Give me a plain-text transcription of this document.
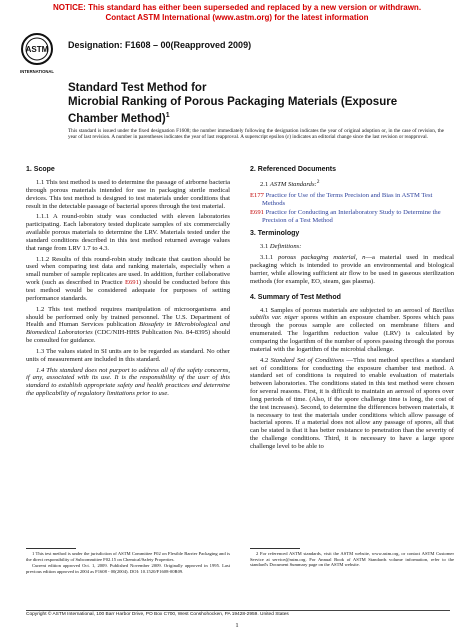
NOTICE: This standard has either been superseded and replaced by a new version or withdrawn.
Contact ASTM International (www.astm.org) for the latest information
ASTM
INTERNATIONAL
Designation: F1608 – 00(Reapproved 2009)
Standard Test Method for
Microbial Ranking of Porous Packaging Materials (Exposure
Chamber Method)$^1$
This standard is issued under the fixed designation F1608; the number immediately following the designation indicates the year of original adoption or, in the case of revision, the year of last revision. A number in parentheses indicates the year of last reapproval. A superscript epsilon (ε) indicates an editorial change since the last revision or reapproval.
1. Scope

1.1 This test method is used to determine the passage of airborne bacteria through porous materials intended for use in packaging sterile medical devices. This test method is designed to test materials under conditions that result in the detectable passage of bacterial spores through the test material.

1.1.1 A round-robin study was conducted with eleven laboratories participating. Each laboratory tested duplicate samples of six commercially available porous materials to determine the LRV. Materials tested under the standard conditions described in this test method returned average values that range from LRV 1.7 to 4.3.

1.1.2 Results of this round-robin study indicate that caution should be used when comparing test data and ranking materials, especially when a small number of sample replicates are used. In addition, further collaborative work (such as described in Practice E691) should be conducted before this test method would be considered adequate for purposes of setting performance standards.

1.2 This test method requires manipulation of microorganisms and should be performed only by trained personnel. The U.S. Department of Health and Human Services publication Biosafety in Microbiological and Biomedical Laboratories (CDC/NIH-HHS Publication No. 84-8395) should be consulted for guidance.

1.3 The values stated in SI units are to be regarded as standard. No other units of measurement are included in this standard.

1.4 This standard does not purport to address all of the safety concerns, if any, associated with its use. It is the responsibility of the user of this standard to establish appropriate safety and health practices and determine the applicability of regulatory limitations prior to use.

2. Referenced Documents

2.1 ASTM Standards:$^2$

E177 Practice for Use of the Terms Precision and Bias in ASTM Test Methods
E691 Practice for Conducting an Interlaboratory Study to Determine the Precision of a Test Method
3. Terminology

3.1 Definitions:

3.1.1 porous packaging material, n—a material used in medical packaging which is intended to provide an environmental and biological barrier, while allowing sufficient air flow to be used in gaseous sterilization methods (for example, EO, steam, gas plasma).

4. Summary of Test Method

4.1 Samples of porous materials are subjected to an aerosol of Bacillus subtilis var. niger spores within an exposure chamber. Spores which pass through the porous sample are collected on membrane filters and enumerated. The logarithm reduction value (LRV) is calculated by comparing the logarithm of the number of spores passing through the porous material with the logarithm of the microbial challenge.

4.2 Standard Set of Conditions —This test method specifies a standard set of conditions for conducting the exposure chamber test method. A standard set of conditions is required to enable evaluation of materials between laboratories. The conditions stated in this test method were chosen for several reasons. First, it is difficult to maintain an aerosol of spores over long periods of time. (Also, if the spore challenge time is long, the cost of the test increases). Second, to determine the differences between materials, it is necessary to test the materials under conditions which allow passage of bacterial spores. If a material does not allow any passage of spores, all that can be stated is that it has better resistance to penetration than the severity of the challenge conditions. Third, it is necessary to have a large spore challenge level to be able to

1 This test method is under the jurisdiction of ASTM Committee F02 on Flexible Barrier Packaging and is the direct responsibility of Subcommittee F02.15 on Chemical/Safety Properties.

Current edition approved Oct. 1, 2009. Published November 2009. Originally approved in 1995. Last previous edition approved in 2004 as F1608 - 00(2004). DOI: 10.1520/F1608-00R09.

2 For referenced ASTM standards, visit the ASTM website, www.astm.org, or contact ASTM Customer Service at service@astm.org. For Annual Book of ASTM Standards volume information, refer to the standard's Document Summary page on the ASTM website.

Copyright © ASTM International, 100 Barr Harbor Drive, PO Box C700, West Conshohocken, PA 19428-2959. United States
1
